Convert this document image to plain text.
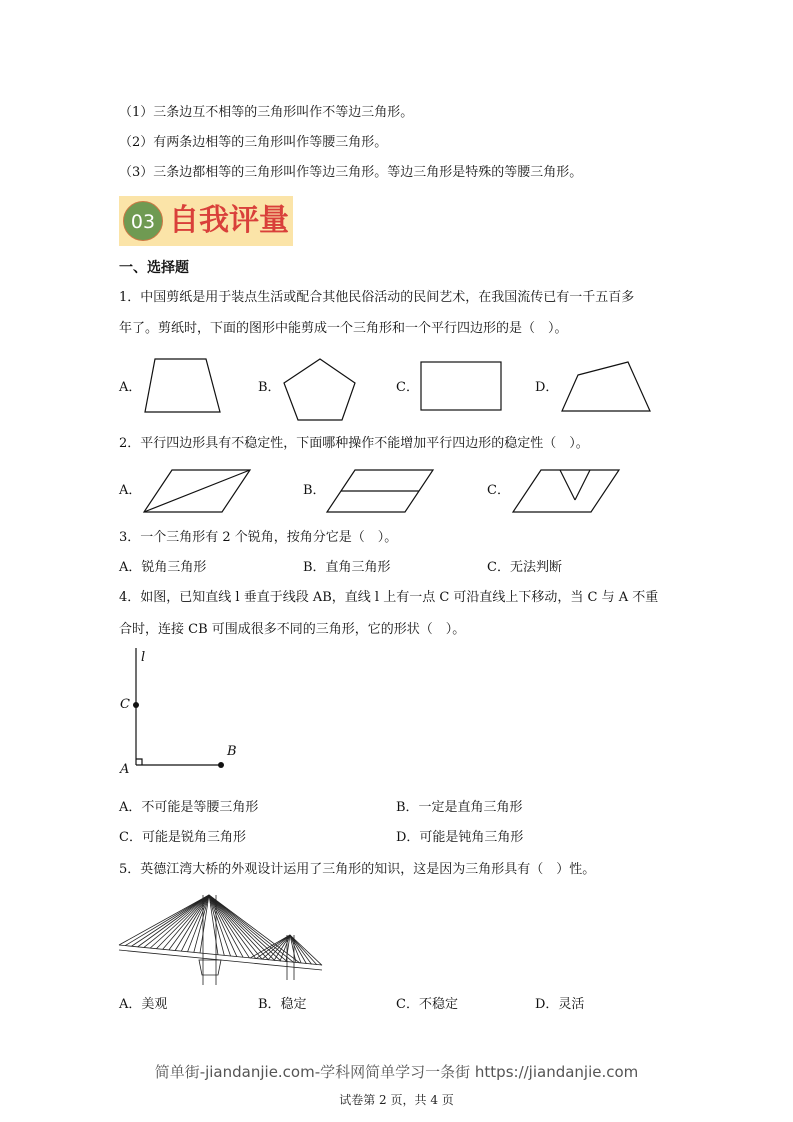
（1）三条边互不相等的三角形叫作不等边三角形。
（2）有两条边相等的三角形叫作等腰三角形。
（3）三条边都相等的三角形叫作等边三角形。等边三角形是特殊的等腰三角形。
03 自我评量
一、选择题
1．中国剪纸是用于装点生活或配合其他民俗活动的民间艺术，在我国流传已有一千五百多
年了。剪纸时，下面的图形中能剪成一个三角形和一个平行四边形的是（　）。
A．	B．	C．	D．
l
C
A
B
2．平行四边形具有不稳定性，下面哪种操作不能增加平行四边形的稳定性（　）。
A．	B．	C．
3．一个三角形有 2 个锐角，按角分它是（　）。
A．锐角三角形	B．直角三角形	C．无法判断
4．如图，已知直线 l 垂直于线段 AB，直线 l 上有一点 C 可沿直线上下移动，当 C 与 A 不重
合时，连接 CB 可围成很多不同的三角形，它的形状（　）。
A．不可能是等腰三角形	B．一定是直角三角形
C．可能是锐角三角形	D．可能是钝角三角形
5．英德江湾大桥的外观设计运用了三角形的知识，这是因为三角形具有（　）性。
A．美观	B．稳定	C．不稳定	D．灵活
简单街-jiandanjie.com-学科网简单学习一条街 https://jiandanjie.com
试卷第 2 页，共 4 页
